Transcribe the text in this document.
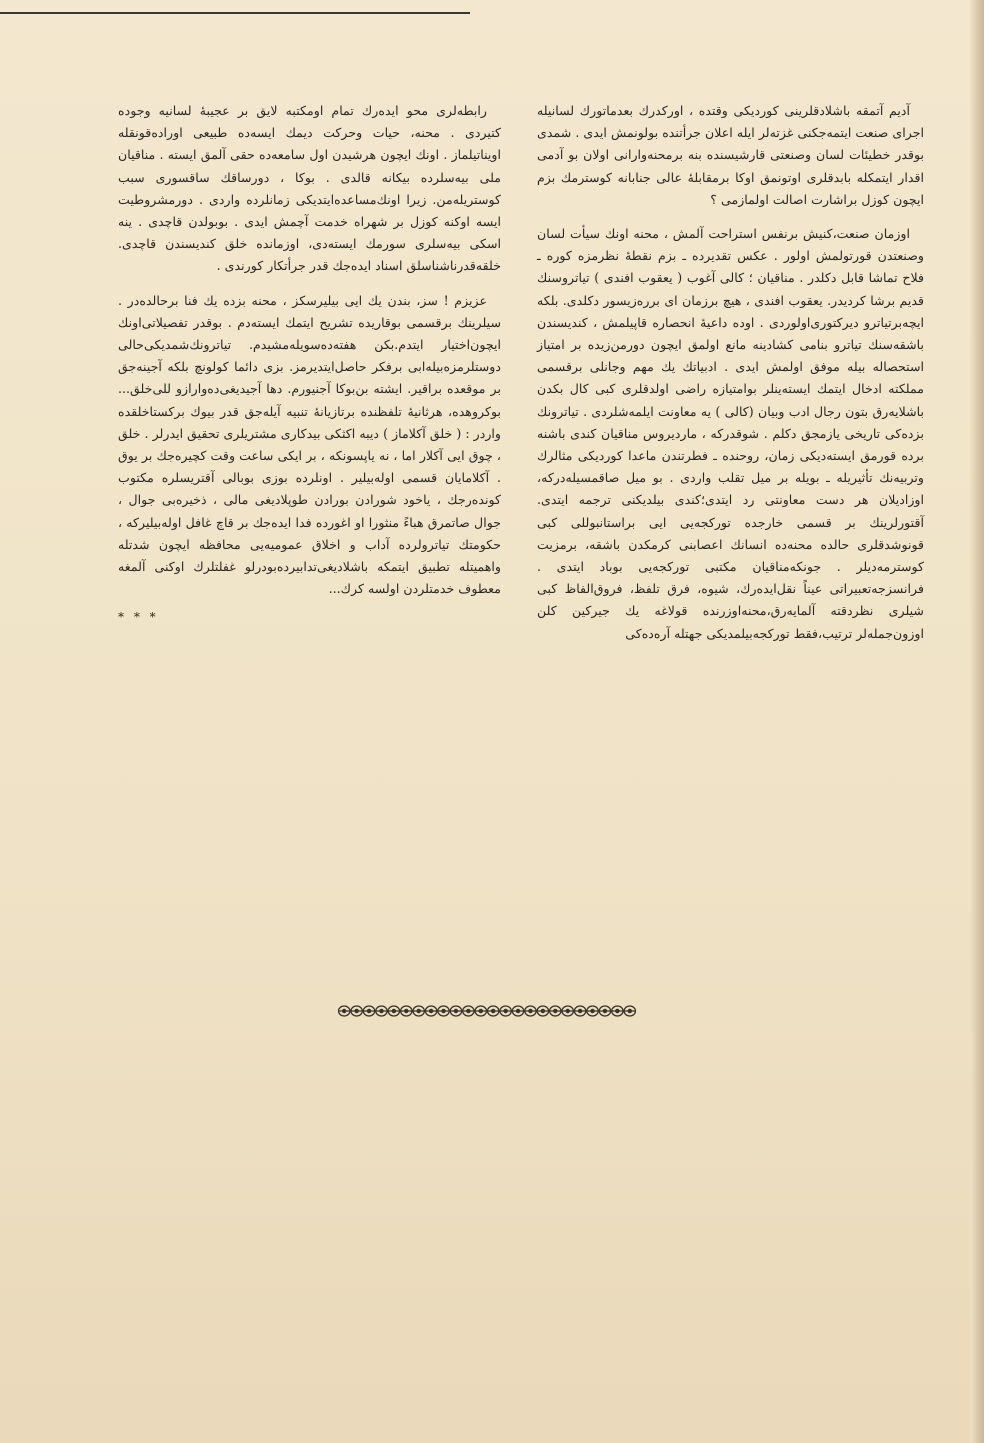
آدیم آتمقه باشلادقلرینی کوردیکی وقتده ، اورکدرك بعدماتورك لسانیله اجرای صنعت ایتمه‌جکنی غزته‌لر ایله اعلان جرأتنده بولونمش ایدی . شمدی بوقدر خطیئات لسان وصنعتی قارشیسنده بنه برمحنه‌وارانی اولان بو آدمی اقدار ایتمکله بابدقلری اوتونمق اوکا برمقابلهٔ عالی جنابانه کوسترمك بزم ایچون کوزل براشارت اصالت اولمازمی ؟

اوزمان صنعت،کنیش برنفس استراحت آلمش ، محنه اونك سیأت لسان وصنعتدن قورتولمش اولور . عکس تقدیرده ـ بزم نقطهٔ نظرمزه کوره ـ فلاح تماشا قابل دکلدر . مناقیان ؛ کالی آغوب ( یعقوب افندی ) تیاتروسنك قدیم برشا کردیدر. یعقوب افندی ، هیچ برزمان ای برره‌زیسور دکلدی. بلکه ایچه‌برتیاترو دیرکتوری‌اولوردی . اوده داعیهٔ انحصاره قاپیلمش ، کندیسندن باشقه‌سنك تیاترو بنامی کشادینه مانع اولمق ایچون دورمن‌زیده بر امتیاز استحصاله بیله موفق اولمش ایدی . ادبیاتك یك مهم وجانلی برقسمی مملکته ادخال ایتمك ایسته‌ینلر بوامتیازه راضی اولدقلری کبی کال بکدن باشلایه‌رق بتون رجال ادب وبیان (کالی ) یه معاونت ایلمه‌شلردی . تیاترونك بزده‌کی تاریخی یازمجق دکلم . شوقدرکه ، ماردیروس مناقیان کندی باشنه برده قورمق ایسته‌دیکی زمان، روحنده ـ فطرتندن ماعدا کوردیکی مثالرك وتربیه‌نك تأثیریله ـ بویله بر میل تقلب واردی . بو میل صاقمسیله‌درکه، اوزادیلان هر دست معاونتی رد ایتدی؛کندی بیلدیکنی ترجمه ایتدی. آقتورلرینك بر قسمی خارجده تورکجه‌یی ایی براستانبوللی کبی قونوشدقلری حالده محنه‌ده انسانك اعصابنی کرمکدن باشقه، برمزیت کوسترمه‌دیلر . جونکه‌مناقیان مکتبی تورکجه‌یی بوباد ایتدی . فرانسزجه‌تعبیراتی عیناً نقل‌ایده‌رك، شیوه، فرق تلفظ، فروق‌الفاظ کبی شیلری نظردقته آلمایه‌رق،محنه‌اوزرنده قولاغه یك جیرکین کلن اوزون‌جمله‌لر ترتیب،فقط تورکجه‌بیلمدیکی جهتله آرەده‌کی

رابطه‌لری محو ایده‌رك تمام اومکتبه لایق بر عجیبهٔ لسانیه وجوده کتیردی . محنه، حیات وحرکت دیمك ایسه‌ده طبیعی اوراده‌قونقله اویناتیلماز . اونك ایچون هرشیدن اول سامعه‌ده حقی آلمق ایسته . مناقیان ملی بیه‌سلرده بیکانه قالدی . بوکا ، دورساقك ساقسوری سبب کوستریله‌من. زیرا اونك‌مساعده‌ایتدیکی زمانلرده واردی . دورمشروطیت ایسه اوکنه کوزل بر شهراه خدمت آچمش ایدی . بوبولدن قاچدی . ینه اسکی بیه‌سلری سورمك ایسته‌دی، اوزمانده خلق کندیسندن قاچدی. خلقه‌قدرناشناسلق اسناد ایده‌جك قدر جرأتکار کورندی .

عزیزم ! سز، بندن یك ایی بیلیرسکز ، محنه بزده یك فنا برحالده‌در . سیلرینك برقسمی بوقاریده تشریح ایتمك ایسته‌دم . بوقدر تفصیلاتی‌اونك ایچون‌اختیار ایتدم.بکن هفته‌ده‌سویله‌مشیدم. تیاترونك‌شمدیکی‌حالی دوستلرمزه‌بیله‌ابی برفکر حاصل‌ایتدیرمز. بزی دائما کولونچ بلکه آجینه‌جق بر موقعده براقیر. ایشته بن‌بوکا آجنیورم. دها آجیدیغی‌دەوارازو للی‌خلق... بوکروهده، هرثانیهٔ تلفظنده برتازیانهٔ تنبیه آیله‌جق قدر بیوك برکستاخلقده واردر : ( خلق آکلاماز ) دیبه اکثکی بیدکاری مشتریلری تحقیق ایدرلر . خلق ، چوق ایی آکلار اما ، نه یاپسونکه ، بر ایکی ساعت وقت کچیره‌جك بر یوق . آکلامایان قسمی اوله‌بیلیر . اونلرده بوزی بوبالی آقتریسلره مکتوب کونده‌رجك ، یاخود شورادن بورادن طوپلادیغی مالی ، ذخیره‌بی جوال ، جوال صاتمرق هباءً منثورا او اغورده فدا ایده‌جك بر قاچ غافل اوله‌بیلیرکه ، حکومتك تیاترولرده آداب و اخلاق عمومیه‌یی محافظه ایچون شدتله واهمیتله تطبیق ایتمکه باشلادیغی‌تدابیرده‌بودرلو غفلتلرك اوکنی آلمغه معطوف خدمتلردن اولسه کرك...

* * *
